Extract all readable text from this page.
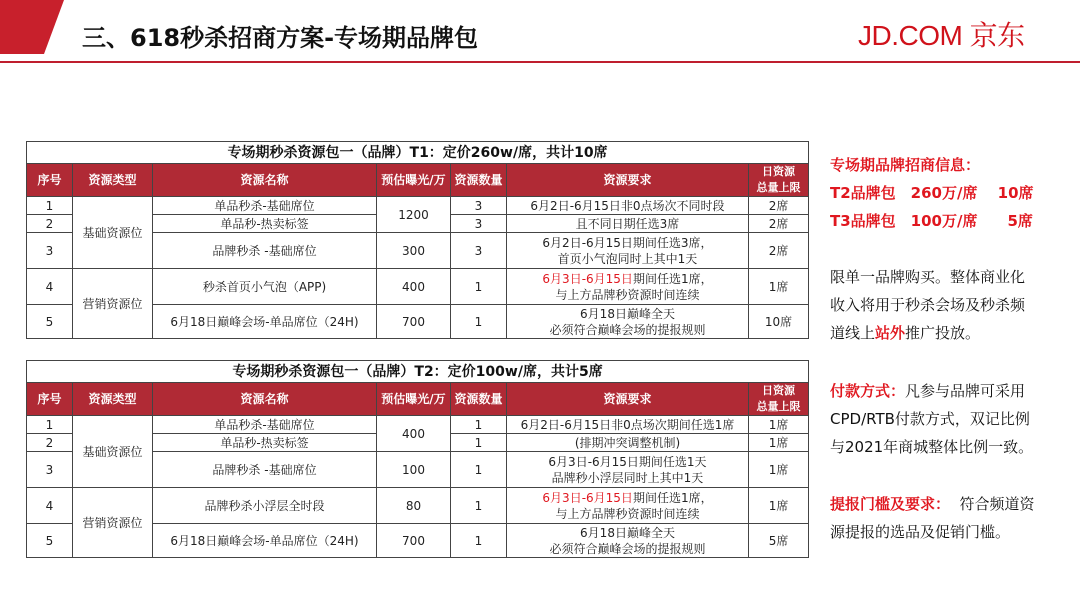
三、618秒杀招商方案-专场期品牌包	JD.COM 京东
专场期秒杀资源包一（品牌）T1：定价260w/席，共计10席						
序号	资源类型	资源名称	预估曝光/万	资源数量	资源要求	日资源
总量上限

1	基础资源位	单品秒杀-基础席位	1200	3	6月2日-6月15日非0点场次不同时段	2席
2		单品秒-热卖标签		3	且不同日期任选3席	2席
3		品牌秒杀 -基础席位	300	3	6月2日-6月15日期间任选3席，
首页小气泡同时上其中1天	2席
4	营销资源位	秒杀首页小气泡（APP)	400	1	6月3日-6月15日期间任选1席，
与上方品牌秒资源时间连续	1席
5		6月18日巅峰会场-单品席位（24H)	700	1	6月18日巅峰全天
必须符合巅峰会场的提报规则	10席
专场期秒杀资源包一（品牌）T2：定价100w/席，共计5席						
序号	资源类型	资源名称	预估曝光/万	资源数量	资源要求	日资源
总量上限

1	基础资源位	单品秒杀-基础席位	400	1	6月2日-6月15日非0点场次期间任选1席	1席
2		单品秒-热卖标签		1	(排期冲突调整机制)	1席
3		品牌秒杀 -基础席位	100	1	6月3日-6月15日期间任选1天
品牌秒小浮层同时上其中1天	1席
4	营销资源位	品牌秒杀小浮层全时段	80	1	6月3日-6月15日期间任选1席，
与上方品牌秒资源时间连续	1席
5		6月18日巅峰会场-单品席位（24H)	700	1	6月18日巅峰全天
必须符合巅峰会场的提报规则	5席
专场期品牌招商信息：
T2品牌包　260万/席　 10席
T3品牌包　100万/席　　5席
限单一品牌购买。整体商业化
收入将用于秒杀会场及秒杀频
道线上站外推广投放。
付款方式：凡参与品牌可采用
CPD/RTB付款方式，双记比例
与2021年商城整体比例一致。
提报门槛及要求：  符合频道资
源提报的选品及促销门槛。
